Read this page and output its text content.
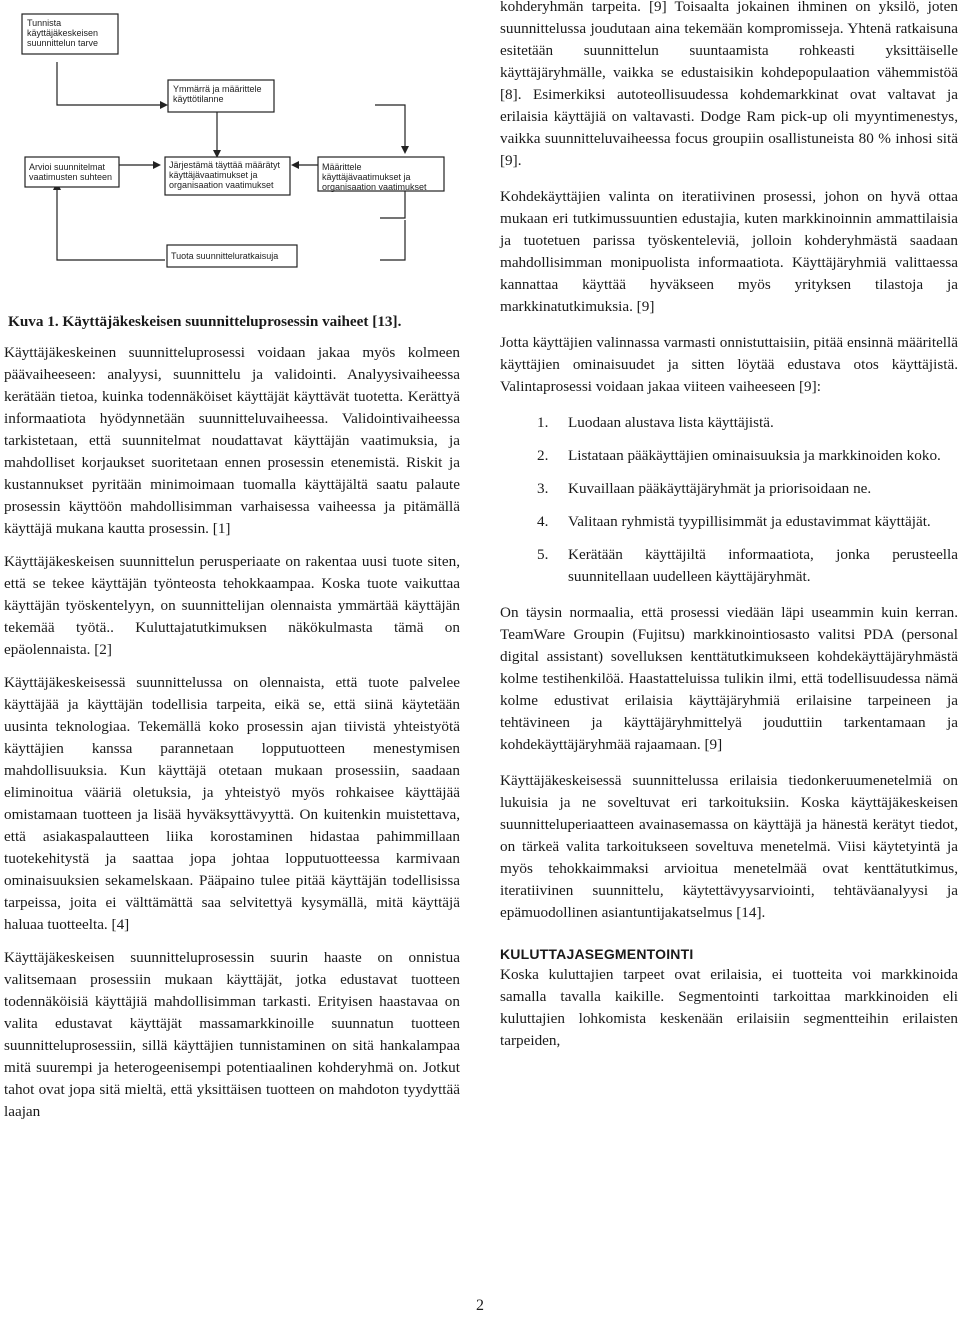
Tunnista käyttäjäkeskeisen suunnittelun tarve
Ymmärrä ja määrittele käyttötilanne
Arvioi suunnitelmat vaatimusten suhteen
Järjestämä täyttää määrätyt käyttäjävaatimukset ja organisaation vaatimukset
Määrittele käyttäjävaatimukset ja organisaation vaatimukset
Tuota suunnitteluratkaisuja
Kuva 1. Käyttäjäkeskeisen suunnitteluprosessin vaiheet [13].

Käyttäjäkeskeinen suunnitteluprosessi voidaan jakaa myös kolmeen päävaiheeseen: analyysi, suunnittelu ja validointi. Analyysivaiheessa kerätään tietoa, kuinka todennäköiset käyttäjät käyttävät tuotetta. Kerättyä informaatiota hyödynnetään suunnitteluvaiheessa. Validointivaiheessa tarkistetaan, että suunnitelmat noudattavat käyttäjän vaatimuksia, ja mahdolliset korjaukset suoritetaan ennen prosessin etenemistä. Riskit ja kustannukset pyritään minimoimaan tuomalla käyttäjältä saatu palaute prosessin käyttöön mahdollisimman varhaisessa vaiheessa ja pitämällä käyttäjä mukana kautta prosessin. [1]

Käyttäjäkeskeisen suunnittelun perusperiaate on rakentaa uusi tuote siten, että se tekee käyttäjän työnteosta tehokkaampaa. Koska tuote vaikuttaa käyttäjän työskentelyyn, on suunnittelijan olennaista ymmärtää käyttäjän tekemää työtä.. Kuluttajatutkimuksen näkökulmasta tämä on epäolennaista. [2]

Käyttäjäkeskeisessä suunnittelussa on olennaista, että tuote palvelee käyttäjää ja käyttäjän todellisia tarpeita, eikä se, että siinä käytetään uusinta teknologiaa. Tekemällä koko prosessin ajan tiivistä yhteistyötä käyttäjien kanssa parannetaan lopputuotteen menestymisen mahdollisuuksia. Kun käyttäjä otetaan mukaan prosessiin, saadaan eliminoitua vääriä oletuksia, ja yhteistyö myös rohkaisee käyttäjää omistamaan tuotteen ja lisää hyväksyttävyyttä. On kuitenkin muistettava, että asiakaspalautteen liika korostaminen hidastaa pahimmillaan tuotekehitystä ja saattaa jopa johtaa lopputuotteessa karmivaan ominaisuuksien sekamelskaan. Pääpaino tulee pitää käyttäjän todellisissa tarpeissa, joita ei välttämättä saa selvitettyä kysymällä, mitä käyttäjä haluaa tuotteelta. [4]

Käyttäjäkeskeisen suunnitteluprosessin suurin haaste on onnistua valitsemaan prosessiin mukaan käyttäjät, jotka edustavat tuotteen todennäköisiä käyttäjiä mahdollisimman tarkasti. Erityisen haastavaa on valita edustavat käyttäjät massamarkkinoille suunnatun tuotteen suunnitteluprosessiin, sillä käyttäjien tunnistaminen on sitä hankalampaa mitä suurempi ja heterogeenisempi potentiaalinen kohderyhmä on. Jotkut tahot ovat jopa sitä mieltä, että yksittäisen tuotteen on mahdoton tyydyttää laajan

kohderyhmän tarpeita. [9] Toisaalta jokainen ihminen on yksilö, joten suunnittelussa joudutaan aina tekemään kompromisseja. Yhtenä ratkaisuna esitetään suunnittelun suuntaamista rohkeasti yksittäiselle käyttäjäryhmälle, vaikka se edustaisikin kohdepopulaation vähemmistöä [8]. Esimerkiksi autoteollisuudessa kohdemarkkinat ovat valtavat ja erilaisia käyttäjiä on valtavasti. Dodge Ram pick-up oli myyntimenestys, vaikka suunnitteluvaiheessa focus groupiin osallistuneista 80 % inhosi sitä [9].

Kohdekäyttäjien valinta on iteratiivinen prosessi, johon on hyvä ottaa mukaan eri tutkimussuuntien edustajia, kuten markkinoinnin ammattilaisia ja tuotetuen parissa työskenteleviä, jolloin kohderyhmästä saadaan mahdollisimman monipuolista informaatiota. Käyttäjäryhmiä valittaessa kannattaa käyttää hyväkseen myös yrityksen tilastoja ja markkinatutkimuksia. [9]

Jotta käyttäjien valinnassa varmasti onnistuttaisiin, pitää ensinnä määritellä käyttäjien ominaisuudet ja sitten löytää edustava otos käyttäjistä. Valintaprosessi voidaan jakaa viiteen vaiheeseen [9]:

1. Luodaan alustava lista käyttäjistä.
2. Listataan pääkäyttäjien ominaisuuksia ja markkinoiden koko.
3. Kuvaillaan pääkäyttäjäryhmät ja priorisoidaan ne.
4. Valitaan ryhmistä tyypillisimmät ja edustavimmat käyttäjät.
5. Kerätään käyttäjiltä informaatiota, jonka perusteella suunnitellaan uudelleen käyttäjäryhmät.

On täysin normaalia, että prosessi viedään läpi useammin kuin kerran. TeamWare Groupin (Fujitsu) markkinointiosasto valitsi PDA (personal digital assistant) sovelluksen kenttätutkimukseen kohdekäyttäjäryhmästä kolme testihenkilöä. Haastatteluissa tulikin ilmi, että todellisuudessa nämä kolme edustivat erilaisia käyttäjäryhmiä erilaisine tarpeineen ja tehtävineen ja käyttäjäryhmittelyä jouduttiin tarkentamaan ja kohdekäyttäjäryhmää rajaamaan. [9]

Käyttäjäkeskeisessä suunnittelussa erilaisia tiedonkeruumenetelmiä on lukuisia ja ne soveltuvat eri tarkoituksiin. Koska käyttäjäkeskeisen suunnitteluperiaatteen avainasemassa on käyttäjä ja hänestä kerätyt tiedot, on tärkeä valita tarkoitukseen soveltuva menetelmä. Viisi käytetyintä ja myös tehokkaimmaksi arvioitua menetelmää ovat kenttätutkimus, iteratiivinen suunnittelu, käytettävyysarviointi, tehtäväanalyysi ja epämuodollinen asiantuntijakatselmus [14].

KULUTTAJASEGMENTOINTI

Koska kuluttajien tarpeet ovat erilaisia, ei tuotteita voi markkinoida samalla tavalla kaikille. Segmentointi tarkoittaa markkinoiden eli kuluttajien lohkomista keskenään erilaisiin segmentteihin erilaisten tarpeiden,

2
